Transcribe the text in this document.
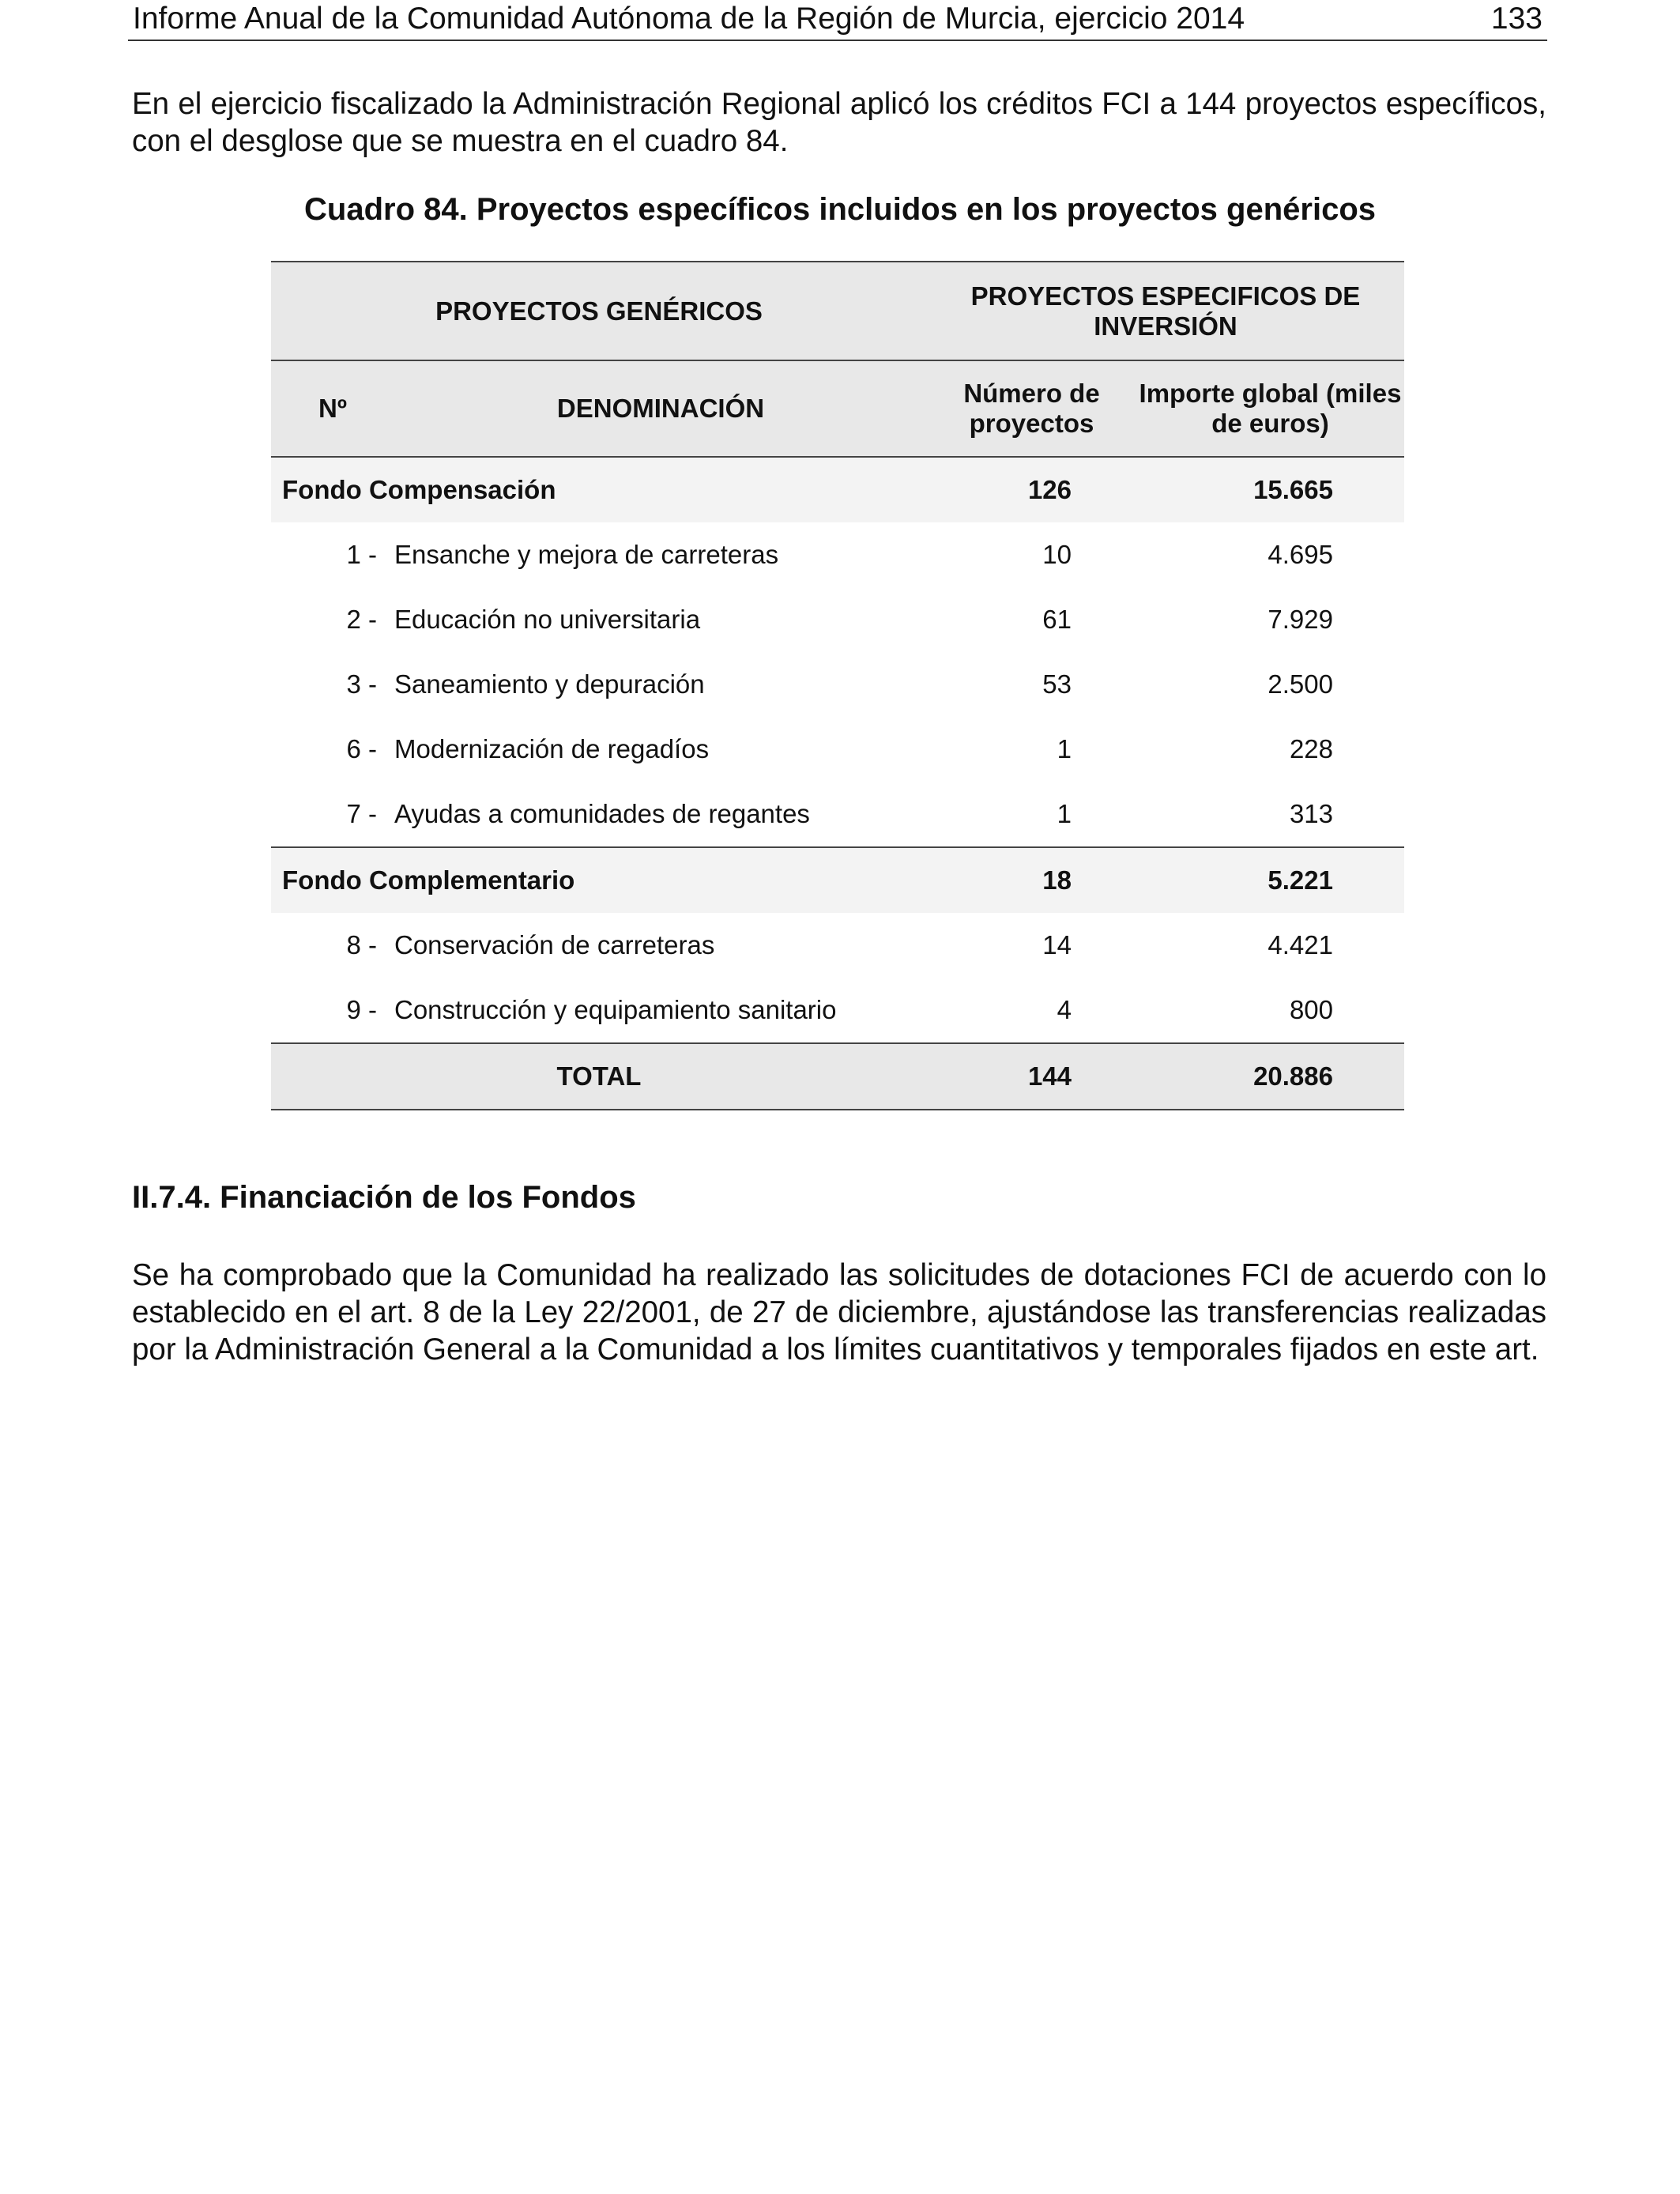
Informe Anual de la Comunidad Autónoma de la Región de Murcia, ejercicio 2014	133
En el ejercicio fiscalizado la Administración Regional aplicó los créditos FCI a 144 proyectos específicos, con el desglose que se muestra en el cuadro 84.
Cuadro 84. Proyectos específicos incluidos en los proyectos genéricos
PROYECTOS GENÉRICOS		PROYECTOS ESPECIFICOS DE INVERSIÓN	
Nº	DENOMINACIÓN	Número de proyectos	Importe global (miles de euros)
Fondo Compensación		126	15.665
1 -	Ensanche y mejora de carreteras	10	4.695
2 -	Educación no universitaria	61	7.929
3 -	Saneamiento y depuración	53	2.500
6 -	Modernización de regadíos	1	228
7 -	Ayudas a comunidades de regantes	1	313
Fondo Complementario		18	5.221
8 -	Conservación de carreteras	14	4.421
9 -	Construcción y equipamiento sanitario	4	800
TOTAL		144	20.886
II.7.4. Financiación de los Fondos
Se ha comprobado que la Comunidad ha realizado las solicitudes de dotaciones FCI de acuerdo con lo establecido en el art. 8 de la Ley 22/2001, de 27 de diciembre, ajustándose las transferencias realizadas por la Administración General a la Comunidad a los límites cuantitativos y temporales fijados en este art.
